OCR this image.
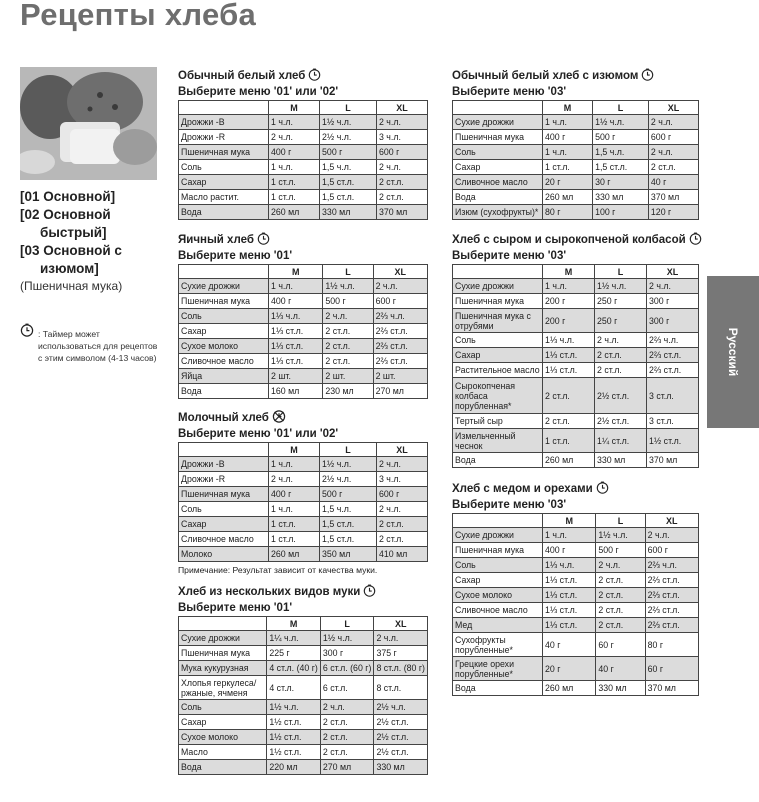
Рецепты хлеба
[01 Основной]
[02 Основной
быстрый]
[03 Основной с
изюмом]
(Пшеничная мука)
: Таймер может использоваться для рецептов с этим символом (4-13 часов)
Обычный белый хлеб
Выберите меню '01' или '02'
	M	L	XL
Дрожжи -B	1 ч.л.	1½ ч.л.	2 ч.л.
Дрожжи -R	2 ч.л.	2½ ч.л.	3 ч.л.
Пшеничная мука	400 г	500 г	600 г
Соль	1 ч.л.	1,5 ч.л.	2 ч.л.
Сахар	1 ст.л.	1,5 ст.л.	2 ст.л.
Масло растит.	1 ст.л.	1,5 ст.л.	2 ст.л.
Вода	260 мл	330 мл	370 мл
Яичный хлеб
Выберите меню '01'
	M	L	XL
Сухие дрожжи	1 ч.л.	1½ ч.л.	2 ч.л.
Пшеничная мука	400 г	500 г	600 г
Соль	1⅓ ч.л.	2 ч.л.	2⅔ ч.л.
Сахар	1⅓ ст.л.	2 ст.л.	2⅔ ст.л.
Сухое молоко	1⅓ ст.л.	2 ст.л.	2⅔ ст.л.
Сливочное масло	1⅓ ст.л.	2 ст.л.	2⅔ ст.л.
Яйца	2 шт.	2 шт.	2 шт.
Вода	160 мл	230 мл	270 мл
Молочный хлеб
Выберите меню '01' или '02'
	M	L	XL
Дрожжи -B	1 ч.л.	1½ ч.л.	2 ч.л.
Дрожжи -R	2 ч.л.	2½ ч.л.	3 ч.л.
Пшеничная мука	400 г	500 г	600 г
Соль	1 ч.л.	1,5 ч.л.	2 ч.л.
Сахар	1 ст.л.	1,5 ст.л.	2 ст.л.
Сливочное масло	1 ст.л.	1,5 ст.л.	2 ст.л.
Молоко	260 мл	350 мл	410 мл
Примечание: Результат зависит от качества муки.
Хлеб из нескольких видов муки
Выберите меню '01'
	M	L	XL
Сухие дрожжи	1¼ ч.л.	1½ ч.л.	2 ч.л.
Пшеничная мука	225 г	300 г	375 г
Мука кукурузная	4 ст.л. (40 г)	6 ст.л. (60 г)	8 ст.л. (80 г)
Хлопья геркулеса/ ржаные, ячменя	4 ст.л.	6 ст.л.	8 ст.л.
Соль	1½ ч.л.	2 ч.л.	2½ ч.л.
Сахар	1½ ст.л.	2 ст.л.	2½ ст.л.
Сухое молоко	1½ ст.л.	2 ст.л.	2½ ст.л.
Масло	1½ ст.л.	2 ст.л.	2½ ст.л.
Вода	220 мл	270 мл	330 мл
Обычный белый хлеб с изюмом
Выберите меню '03'
	M	L	XL
Сухие дрожжи	1 ч.л.	1½ ч.л.	2 ч.л.
Пшеничная мука	400 г	500 г	600 г
Соль	1 ч.л.	1,5 ч.л.	2 ч.л.
Сахар	1 ст.л.	1,5 ст.л.	2 ст.л.
Сливочное масло	20 г	30 г	40 г
Вода	260 мл	330 мл	370 мл
Изюм (сухофрукты)*	80 г	100 г	120 г
Хлеб с сыром и сырокопченой колбасой
Выберите меню '03'
	M	L	XL
Сухие дрожжи	1 ч.л.	1½ ч.л.	2 ч.л.
Пшеничная мука	200 г	250 г	300 г
Пшеничная мука с отрубями	200 г	250 г	300 г
Соль	1⅓ ч.л.	2 ч.л.	2⅔ ч.л.
Сахар	1⅓ ст.л.	2 ст.л.	2⅔ ст.л.
Растительное масло	1⅓ ст.л.	2 ст.л.	2⅔ ст.л.
Сырокопченая колбаса порубленная*	2 ст.л.	2½ ст.л.	3 ст.л.
Тертый сыр	2 ст.л.	2½ ст.л.	3 ст.л.
Измельченный чеснок	1 ст.л.	1¼ ст.л.	1½ ст.л.
Вода	260 мл	330 мл	370 мл
Хлеб с медом и орехами
Выберите меню '03'
	M	L	XL
Сухие дрожжи	1 ч.л.	1½ ч.л.	2 ч.л.
Пшеничная мука	400 г	500 г	600 г
Соль	1⅓ ч.л.	2 ч.л.	2⅔ ч.л.
Сахар	1⅓ ст.л.	2 ст.л.	2⅔ ст.л.
Сухое молоко	1⅓ ст.л.	2 ст.л.	2⅔ ст.л.
Сливочное масло	1⅓ ст.л.	2 ст.л.	2⅔ ст.л.
Мед	1⅓ ст.л.	2 ст.л.	2⅔ ст.л.
Сухофрукты порубленные*	40 г	60 г	80 г
Грецкие орехи порубленные*	20 г	40 г	60 г
Вода	260 мл	330 мл	370 мл
Русский
